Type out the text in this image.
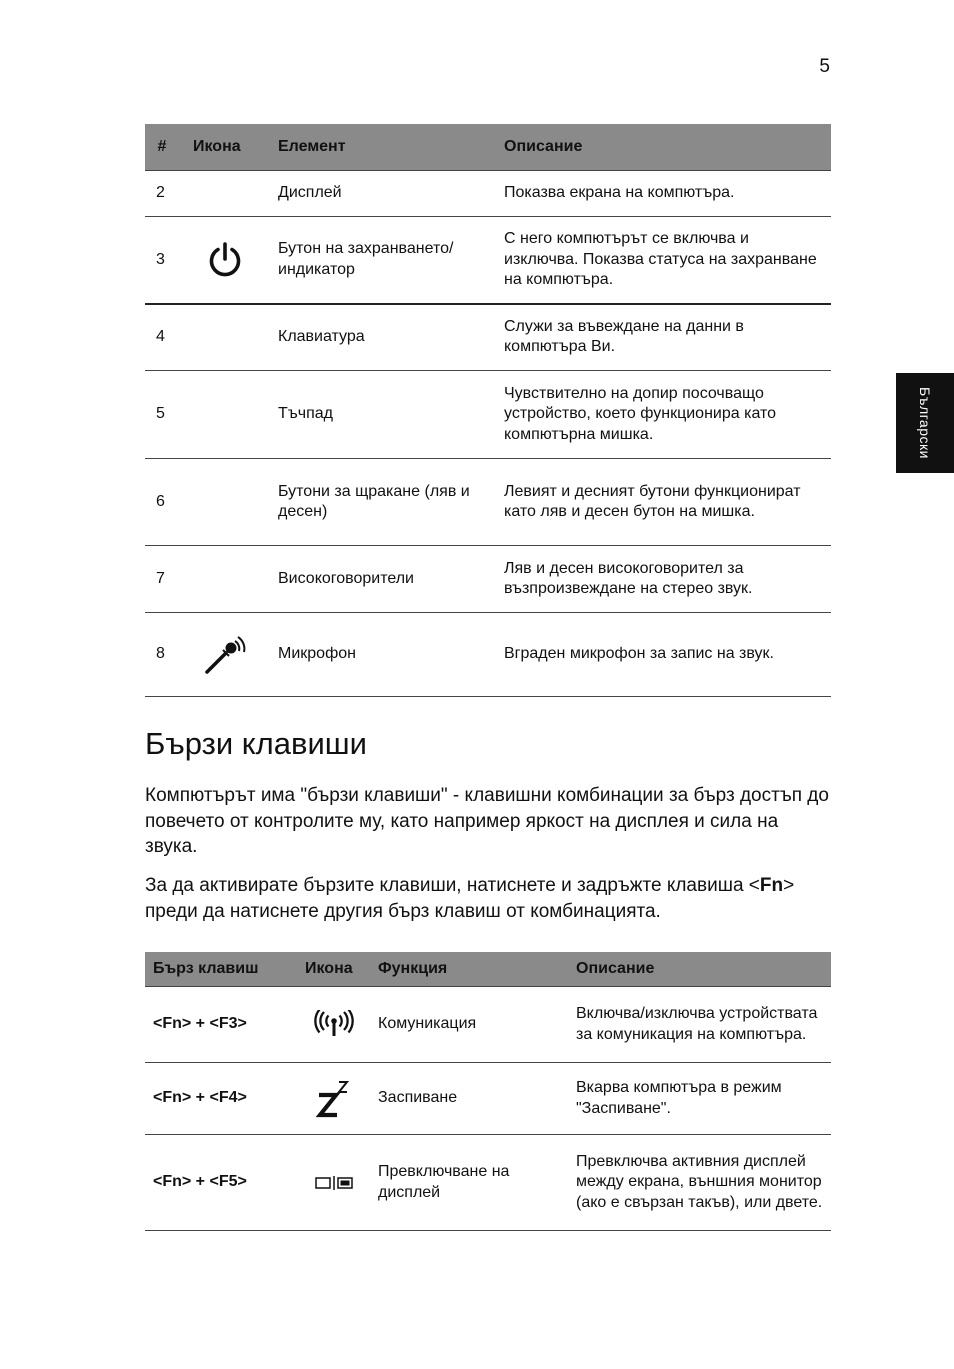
5
Български
#	Икона	Елемент	Описание
2		Дисплей	Показва екрана на компютъра.
3		Бутон на захранването/ индикатор	С него компютърът се включва и изключва. Показва статуса на захранване на компютъра.
4		Клавиатура	Служи за въвеждане на данни в компютъра Ви.
5		Тъчпад	Чувствително на допир посочващо устройство, което функционира като компютърна мишка.
6		Бутони за щракане (ляв и десен)	Левият и десният бутони функционират като ляв и десен бутон на мишка.
7		Високоговорители	Ляв и десен високоговорител за възпроизвеждане на стерео звук.
8		Микрофон	Вграден микрофон за запис на звук.
Бързи клавиши

Компютърът има "бързи клавиши" - клавишни комбинации за бърз достъп до повечето от контролите му, като например яркост на дисплея и сила на звука.

За да активирате бързите клавиши, натиснете и задръжте клавиша <Fn> преди да натиснете другия бърз клавиш от комбинацията.

Бърз клавиш	Икона	Функция	Описание
<Fn> + <F3>		Комуникация	Включва/изключва устройствата за комуникация на компютъра.
<Fn> + <F4>		Заспиване	Вкарва компютъра в режим "Заспиване".
<Fn> + <F5>		Превключване на дисплей	Превключва активния дисплей между екрана, външния монитор (ако е свързан такъв), или двете.
